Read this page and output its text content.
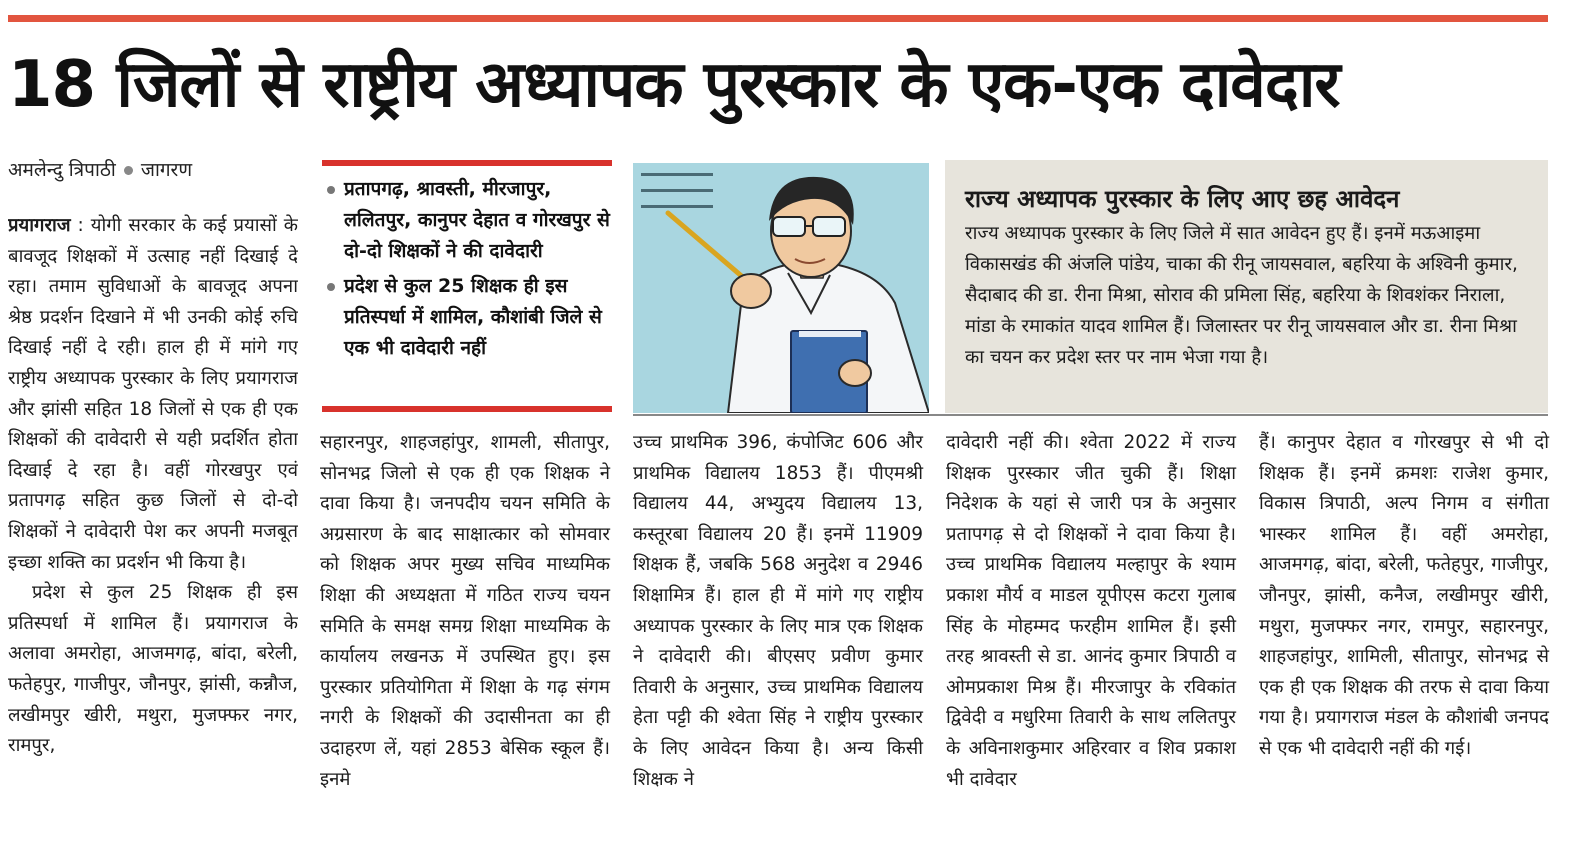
18 जिलों से राष्ट्रीय अध्यापक पुरस्कार के एक-एक दावेदार
अमलेन्दु त्रिपाठी जागरण

प्रयागराज : योगी सरकार के कई प्रयासों के बावजूद शिक्षकों में उत्साह नहीं दिखाई दे रहा। तमाम सुविधाओं के बावजूद अपना श्रेष्ठ प्रदर्शन दिखाने में भी उनकी कोई रुचि दिखाई नहीं दे रही। हाल ही में मांगे गए राष्ट्रीय अध्यापक पुरस्कार के लिए प्रयागराज और झांसी सहित 18 जिलों से एक ही एक शिक्षकों की दावेदारी से यही प्रदर्शित होता दिखाई दे रहा है। वहीं गोरखपुर एवं प्रतापगढ़ सहित कुछ जिलों से दो-दो शिक्षकों ने दावेदारी पेश कर अपनी मजबूत इच्छा शक्ति का प्रदर्शन भी किया है।

प्रदेश से कुल 25 शिक्षक ही इस प्रतिस्पर्धा में शामिल हैं। प्रयागराज के अलावा अमरोहा, आजमगढ़, बांदा, बरेली, फतेहपुर, गाजीपुर, जौनपुर, झांसी, कन्नौज, लखीमपुर खीरी, मथुरा, मुजफ्फर नगर, रामपुर,

प्रतापगढ़, श्रावस्ती, मीरजापुर, ललितपुर, कानुपर देहात व गोरखपुर से दो-दो शिक्षकों ने की दावेदारी
प्रदेश से कुल 25 शिक्षक ही इस प्रतिस्पर्धा में शामिल, कौशांबी जिले से एक भी दावेदारी नहीं
राज्य अध्यापक पुरस्कार के लिए आए छह आवेदन

राज्य अध्यापक पुरस्कार के लिए जिले में सात आवेदन हुए हैं। इनमें मऊआइमा विकासखंड की अंजलि पांडेय, चाका की रीनू जायसवाल, बहरिया के अश्विनी कुमार, सैदाबाद की डा. रीना मिश्रा, सोराव की प्रमिला सिंह, बहरिया के शिवशंकर निराला, मांडा के रमाकांत यादव शामिल हैं। जिलास्तर पर रीनू जायसवाल और डा. रीना मिश्रा का चयन कर प्रदेश स्तर पर नाम भेजा गया है।

सहारनपुर, शाहजहांपुर, शामली, सीतापुर, सोनभद्र जिलो से एक ही एक शिक्षक ने दावा किया है। जनपदीय चयन समिति के अग्रसारण के बाद साक्षात्कार को सोमवार को शिक्षक अपर मुख्य सचिव माध्यमिक शिक्षा की अध्यक्षता में गठित राज्य चयन समिति के समक्ष समग्र शिक्षा माध्यमिक के कार्यालय लखनऊ में उपस्थित हुए। इस पुरस्कार प्रतियोगिता में शिक्षा के गढ़ संगम नगरी के शिक्षकों की उदासीनता का ही उदाहरण लें, यहां 2853 बेसिक स्कूल हैं। इनमे

उच्च प्राथमिक 396, कंपोजिट 606 और प्राथमिक विद्यालय 1853 हैं। पीएमश्री विद्यालय 44, अभ्युदय विद्यालय 13, कस्तूरबा विद्यालय 20 हैं। इनमें 11909 शिक्षक हैं, जबकि 568 अनुदेश व 2946 शिक्षामित्र हैं। हाल ही में मांगे गए राष्ट्रीय अध्यापक पुरस्कार के लिए मात्र एक शिक्षक ने दावेदारी की। बीएसए प्रवीण कुमार तिवारी के अनुसार, उच्च प्राथमिक विद्यालय हेता पट्टी की श्वेता सिंह ने राष्ट्रीय पुरस्कार के लिए आवेदन किया है। अन्य किसी शिक्षक ने

दावेदारी नहीं की। श्वेता 2022 में राज्य शिक्षक पुरस्कार जीत चुकी हैं। शिक्षा निदेशक के यहां से जारी पत्र के अनुसार प्रतापगढ़ से दो शिक्षकों ने दावा किया है। उच्च प्राथमिक विद्यालय मल्हापुर के श्याम प्रकाश मौर्य व माडल यूपीएस कटरा गुलाब सिंह के मोहम्मद फरहीम शामिल हैं। इसी तरह श्रावस्ती से डा. आनंद कुमार त्रिपाठी व ओमप्रकाश मिश्र हैं। मीरजापुर के रविकांत द्विवेदी व मधुरिमा तिवारी के साथ ललितपुर के अविनाशकुमार अहिरवार व शिव प्रकाश भी दावेदार

हैं। कानुपर देहात व गोरखपुर से भी दो शिक्षक हैं। इनमें क्रमशः राजेश कुमार, विकास त्रिपाठी, अल्प निगम व संगीता भास्कर शामिल हैं। वहीं अमरोहा, आजमगढ़, बांदा, बरेली, फतेहपुर, गाजीपुर, जौनपुर, झांसी, कनैज, लखीमपुर खीरी, मथुरा, मुजफ्फर नगर, रामपुर, सहारनपुर, शाहजहांपुर, शामिली, सीतापुर, सोनभद्र से एक ही एक शिक्षक की तरफ से दावा किया गया है। प्रयागराज मंडल के कौशांबी जनपद से एक भी दावेदारी नहीं की गई।
